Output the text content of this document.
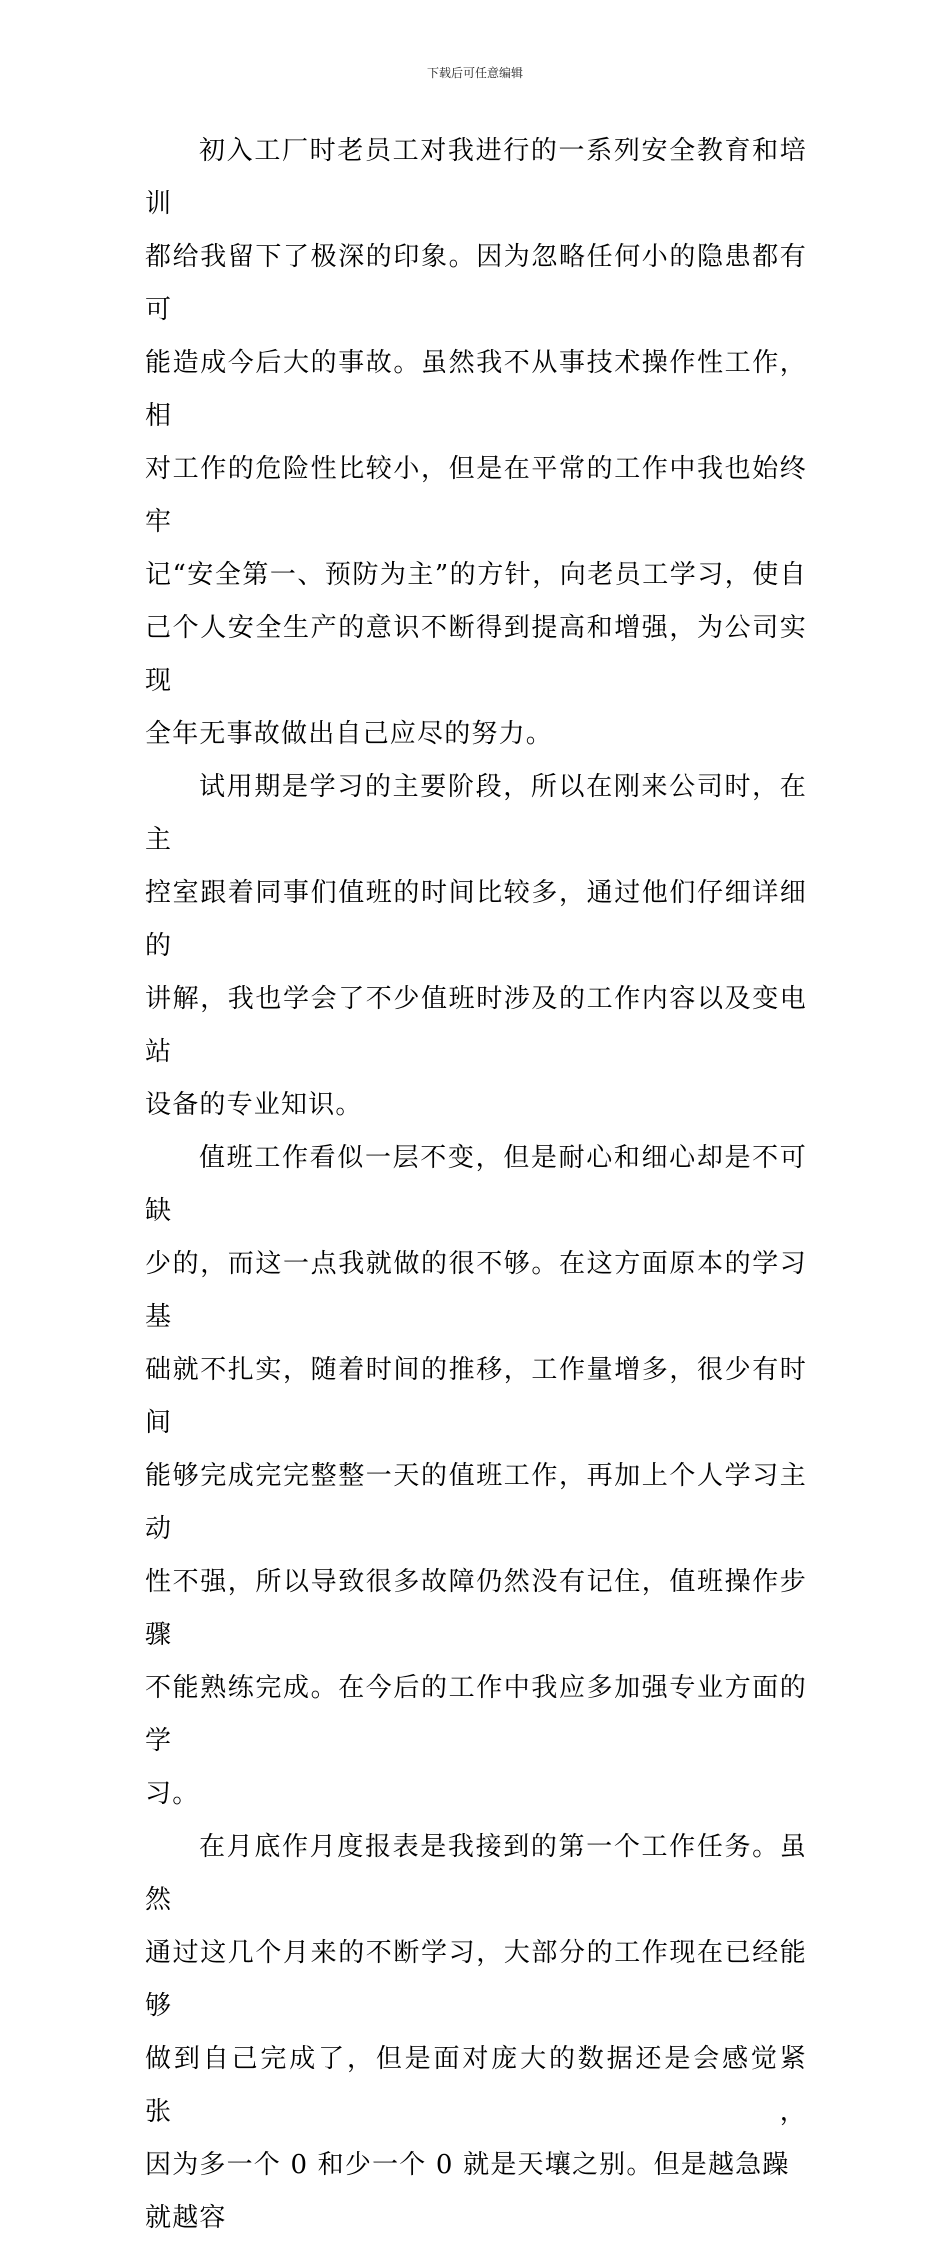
下载后可任意编辑

初入工厂时老员工对我进行的一系列安全教育和培训
都给我留下了极深的印象。因为忽略任何小的隐患都有可
能造成今后大的事故。虽然我不从事技术操作性工作，相
对工作的危险性比较小，但是在平常的工作中我也始终牢
记“安全第一、预防为主”的方针，向老员工学习，使自
己个人安全生产的意识不断得到提高和增强，为公司实现
全年无事故做出自己应尽的努力。

试用期是学习的主要阶段，所以在刚来公司时，在主
控室跟着同事们值班的时间比较多，通过他们仔细详细的
讲解，我也学会了不少值班时涉及的工作内容以及变电站
设备的专业知识。

值班工作看似一层不变，但是耐心和细心却是不可缺
少的，而这一点我就做的很不够。在这方面原本的学习基
础就不扎实，随着时间的推移，工作量增多，很少有时间
能够完成完完整整一天的值班工作，再加上个人学习主动
性不强，所以导致很多故障仍然没有记住，值班操作步骤
不能熟练完成。在今后的工作中我应多加强专业方面的学
习。

在月底作月度报表是我接到的第一个工作任务。虽然
通过这几个月来的不断学习，大部分的工作现在已经能够
做到自己完成了，但是面对庞大的数据还是会感觉紧张，
因为多一个 0 和少一个 0 就是天壤之别。但是越急躁就越容
